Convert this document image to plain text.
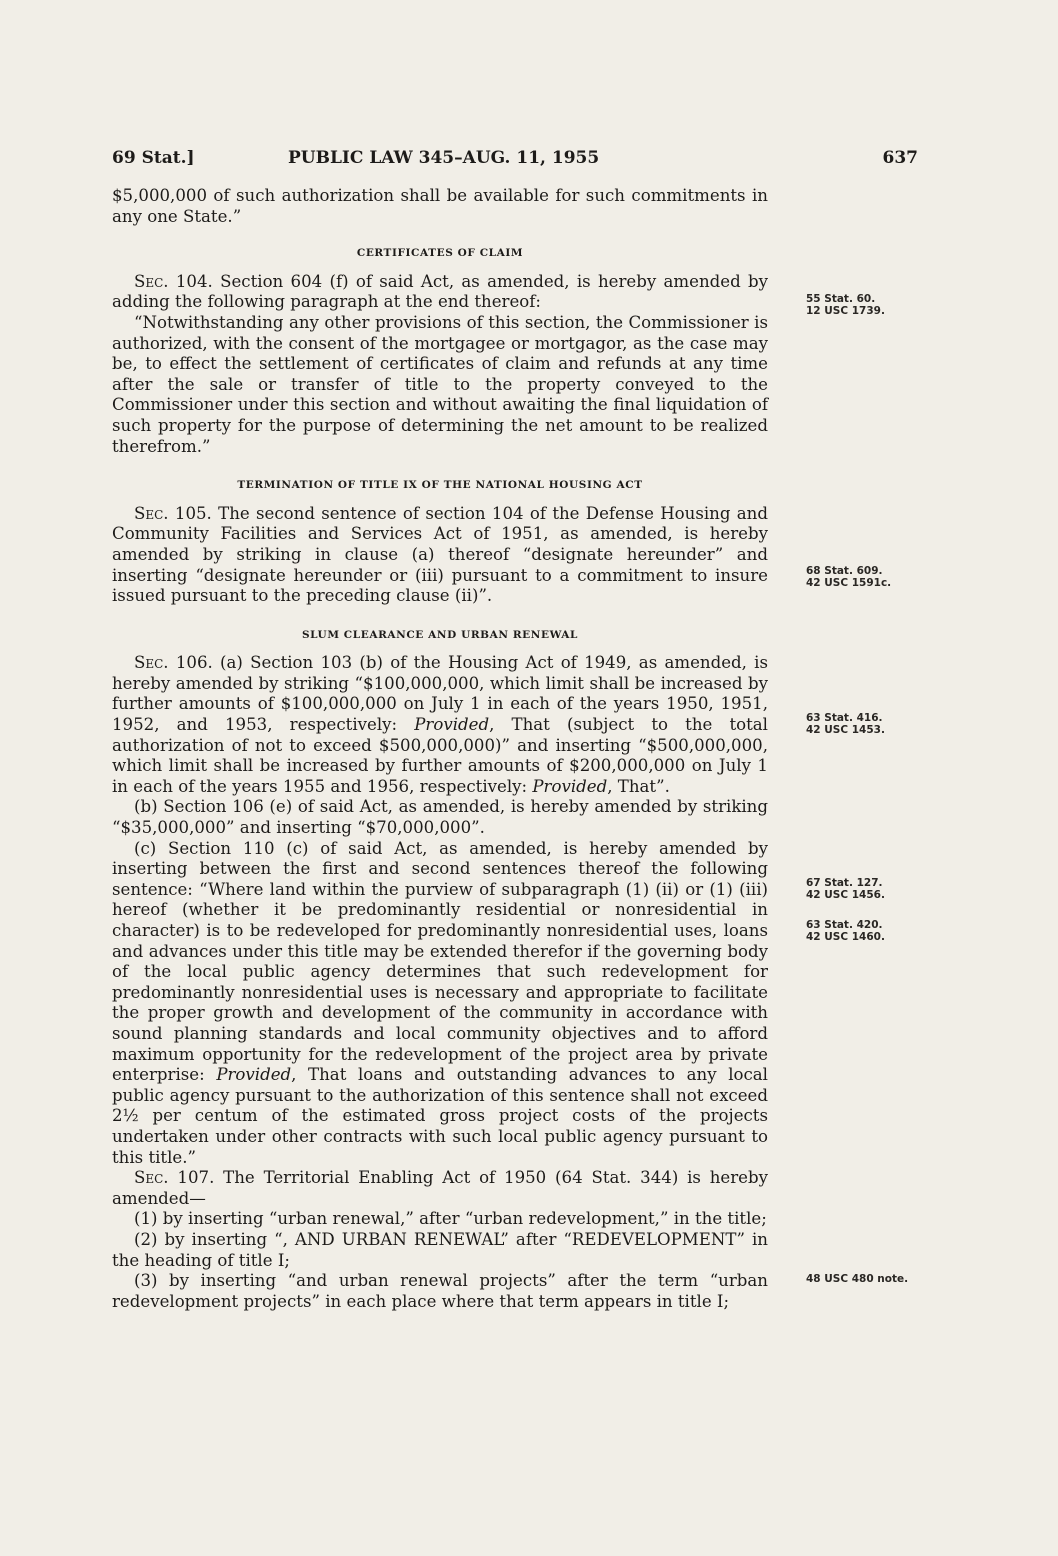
69 Stat.]	PUBLIC LAW 345–AUG. 11, 1955	637

$5,000,000 of such authorization shall be available for such commitments in any one State.”

CERTIFICATES OF CLAIM

Sec. 104. Section 604 (f) of said Act, as amended, is hereby amended by adding the following paragraph at the end thereof:

“Notwithstanding any other provisions of this section, the Commissioner is authorized, with the consent of the mortgagee or mortgagor, as the case may be, to effect the settlement of certificates of claim and refunds at any time after the sale or transfer of title to the property conveyed to the Commissioner under this section and without awaiting the final liquidation of such property for the purpose of determining the net amount to be realized therefrom.”

TERMINATION OF TITLE IX OF THE NATIONAL HOUSING ACT

Sec. 105. The second sentence of section 104 of the Defense Housing and Community Facilities and Services Act of 1951, as amended, is hereby amended by striking in clause (a) thereof “designate hereunder” and inserting “designate hereunder or (iii) pursuant to a commitment to insure issued pursuant to the preceding clause (ii)”.

SLUM CLEARANCE AND URBAN RENEWAL

Sec. 106. (a) Section 103 (b) of the Housing Act of 1949, as amended, is hereby amended by striking “$100,000,000, which limit shall be increased by further amounts of $100,000,000 on July 1 in each of the years 1950, 1951, 1952, and 1953, respectively: Provided, That (subject to the total authorization of not to exceed $500,000,000)” and inserting “$500,000,000, which limit shall be increased by further amounts of $200,000,000 on July 1 in each of the years 1955 and 1956, respectively: Provided, That”.

(b) Section 106 (e) of said Act, as amended, is hereby amended by striking “$35,000,000” and inserting “$70,000,000”.

(c) Section 110 (c) of said Act, as amended, is hereby amended by inserting between the first and second sentences thereof the following sentence: “Where land within the purview of subparagraph (1) (ii) or (1) (iii) hereof (whether it be predominantly residential or nonresidential in character) is to be redeveloped for predominantly nonresidential uses, loans and advances under this title may be extended therefor if the governing body of the local public agency determines that such redevelopment for predominantly nonresidential uses is necessary and appropriate to facilitate the proper growth and development of the community in accordance with sound planning standards and local community objectives and to afford maximum opportunity for the redevelopment of the project area by private enterprise: Provided, That loans and outstanding advances to any local public agency pursuant to the authorization of this sentence shall not exceed 2½ per centum of the estimated gross project costs of the projects undertaken under other contracts with such local public agency pursuant to this title.”

Sec. 107. The Territorial Enabling Act of 1950 (64 Stat. 344) is hereby amended—

(1) by inserting “urban renewal,” after “urban redevelopment,” in the title;

(2) by inserting “, AND URBAN RENEWAL” after “REDEVELOPMENT” in the heading of title I;

(3) by inserting “and urban renewal projects” after the term “urban redevelopment projects” in each place where that term appears in title I;

55 Stat. 60.
12 USC 1739.
68 Stat. 609.
42 USC 1591c.
63 Stat. 416.
42 USC 1453.
67 Stat. 127.
42 USC 1456.
63 Stat. 420.
42 USC 1460.
48 USC 480 note.
